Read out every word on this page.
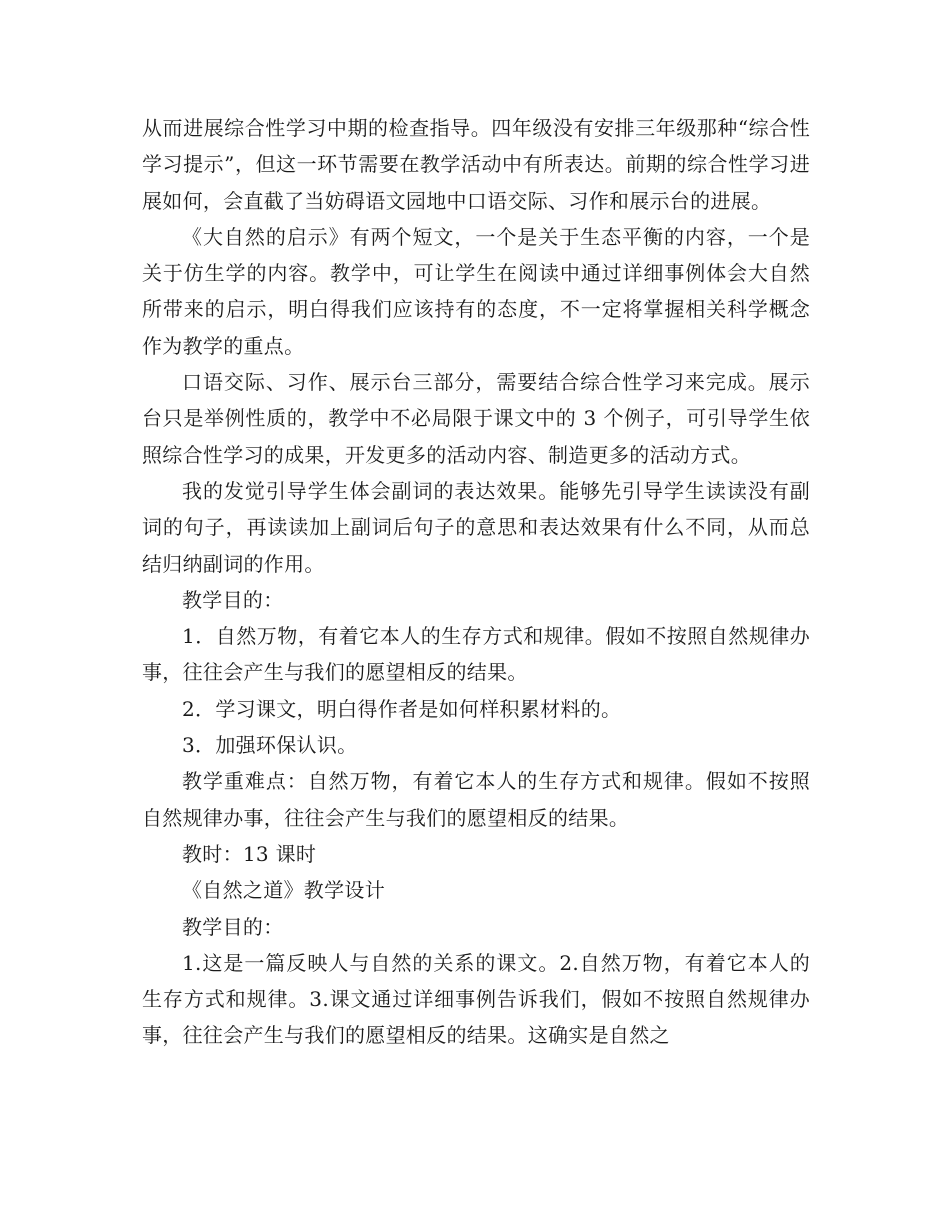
从而进展综合性学习中期的检查指导。四年级没有安排三年级那种“综合性学习提示”，但这一环节需要在教学活动中有所表达。前期的综合性学习进展如何，会直截了当妨碍语文园地中口语交际、习作和展示台的进展。

《大自然的启示》有两个短文，一个是关于生态平衡的内容，一个是关于仿生学的内容。教学中，可让学生在阅读中通过详细事例体会大自然所带来的启示，明白得我们应该持有的态度，不一定将掌握相关科学概念作为教学的重点。

口语交际、习作、展示台三部分，需要结合综合性学习来完成。展示台只是举例性质的，教学中不必局限于课文中的 3 个例子，可引导学生依照综合性学习的成果，开发更多的活动内容、制造更多的活动方式。

我的发觉引导学生体会副词的表达效果。能够先引导学生读读没有副词的句子，再读读加上副词后句子的意思和表达效果有什么不同，从而总结归纳副词的作用。

教学目的：

1．自然万物，有着它本人的生存方式和规律。假如不按照自然规律办事，往往会产生与我们的愿望相反的结果。

2．学习课文，明白得作者是如何样积累材料的。

3．加强环保认识。

教学重难点：自然万物，有着它本人的生存方式和规律。假如不按照自然规律办事，往往会产生与我们的愿望相反的结果。

教时：13 课时

《自然之道》教学设计

教学目的：

1.这是一篇反映人与自然的关系的课文。2.自然万物，有着它本人的生存方式和规律。3.课文通过详细事例告诉我们，假如不按照自然规律办事，往往会产生与我们的愿望相反的结果。这确实是自然之
